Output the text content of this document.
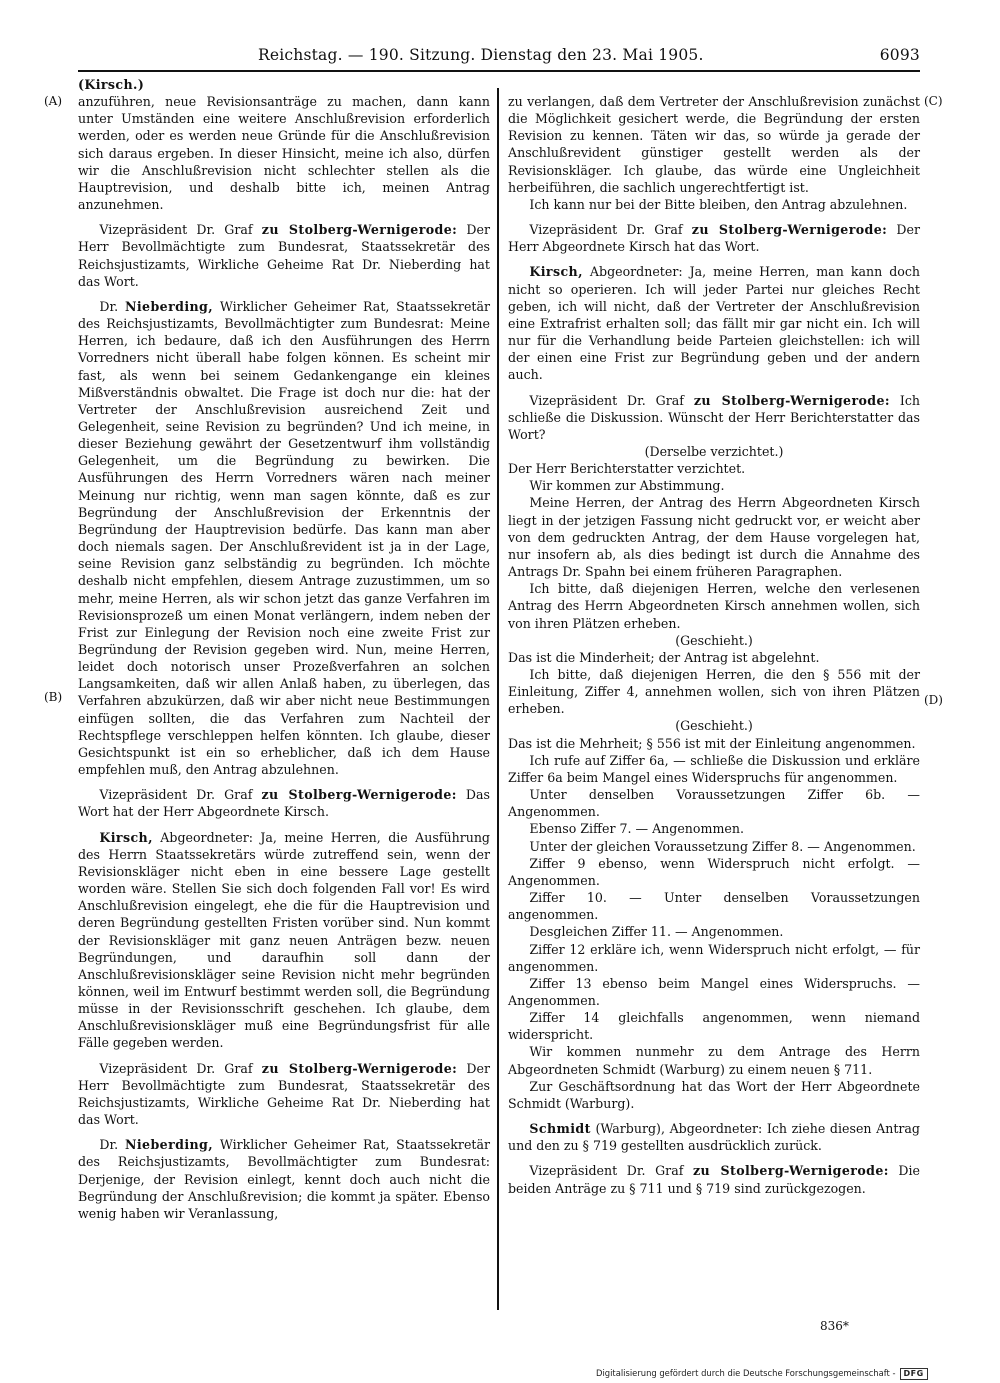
Reichstag. — 190. Sitzung. Dienstag den 23. Mai 1905.	6093
(A)
(B)
(C)
(D)

(Kirsch.)

anzuführen, neue Revisionsanträge zu machen, dann kann unter Umständen eine weitere Anschlußrevision erforderlich werden, oder es werden neue Gründe für die Anschlußrevision sich daraus ergeben. In dieser Hinsicht, meine ich also, dürfen wir die Anschlußrevision nicht schlechter stellen als die Hauptrevision, und deshalb bitte ich, meinen Antrag anzunehmen.

Vizepräsident Dr. Graf zu Stolberg-Wernigerode: Der Herr Bevollmächtigte zum Bundesrat, Staatssekretär des Reichsjustizamts, Wirkliche Geheime Rat Dr. Nieberding hat das Wort.

Dr. Nieberding, Wirklicher Geheimer Rat, Staatssekretär des Reichsjustizamts, Bevollmächtigter zum Bundesrat: Meine Herren, ich bedaure, daß ich den Ausführungen des Herrn Vorredners nicht überall habe folgen können. Es scheint mir fast, als wenn bei seinem Gedankengange ein kleines Mißverständnis obwaltet. Die Frage ist doch nur die: hat der Vertreter der Anschlußrevision ausreichend Zeit und Gelegenheit, seine Revision zu begründen? Und ich meine, in dieser Beziehung gewährt der Gesetzentwurf ihm vollständig Gelegenheit, um die Begründung zu bewirken. Die Ausführungen des Herrn Vorredners wären nach meiner Meinung nur richtig, wenn man sagen könnte, daß es zur Begründung der Anschlußrevision der Erkenntnis der Begründung der Hauptrevision bedürfe. Das kann man aber doch niemals sagen. Der Anschlußrevident ist ja in der Lage, seine Revision ganz selbständig zu begründen. Ich möchte deshalb nicht empfehlen, diesem Antrage zuzustimmen, um so mehr, meine Herren, als wir schon jetzt das ganze Verfahren im Revisionsprozeß um einen Monat verlängern, indem neben der Frist zur Einlegung der Revision noch eine zweite Frist zur Begründung der Revision gegeben wird. Nun, meine Herren, leidet doch notorisch unser Prozeßverfahren an solchen Langsamkeiten, daß wir allen Anlaß haben, zu überlegen, das Verfahren abzukürzen, daß wir aber nicht neue Bestimmungen einfügen sollten, die das Verfahren zum Nachteil der Rechtspflege verschleppen helfen könnten. Ich glaube, dieser Gesichtspunkt ist ein so erheblicher, daß ich dem Hause empfehlen muß, den Antrag abzulehnen.

Vizepräsident Dr. Graf zu Stolberg-Wernigerode: Das Wort hat der Herr Abgeordnete Kirsch.

Kirsch, Abgeordneter: Ja, meine Herren, die Ausführung des Herrn Staatssekretärs würde zutreffend sein, wenn der Revisionskläger nicht eben in eine bessere Lage gestellt worden wäre. Stellen Sie sich doch folgenden Fall vor! Es wird Anschlußrevision eingelegt, ehe die für die Hauptrevision und deren Begründung gestellten Fristen vorüber sind. Nun kommt der Revisionskläger mit ganz neuen Anträgen bezw. neuen Begründungen, und daraufhin soll dann der Anschlußrevisionskläger seine Revision nicht mehr begründen können, weil im Entwurf bestimmt werden soll, die Begründung müsse in der Revisionsschrift geschehen. Ich glaube, dem Anschlußrevisionskläger muß eine Begründungsfrist für alle Fälle gegeben werden.

Vizepräsident Dr. Graf zu Stolberg-Wernigerode: Der Herr Bevollmächtigte zum Bundesrat, Staatssekretär des Reichsjustizamts, Wirkliche Geheime Rat Dr. Nieberding hat das Wort.

Dr. Nieberding, Wirklicher Geheimer Rat, Staatssekretär des Reichsjustizamts, Bevollmächtigter zum Bundesrat: Derjenige, der Revision einlegt, kennt doch auch nicht die Begründung der Anschlußrevision; die kommt ja später. Ebenso wenig haben wir Veranlassung,

zu verlangen, daß dem Vertreter der Anschlußrevision zunächst die Möglichkeit gesichert werde, die Begründung der ersten Revision zu kennen. Täten wir das, so würde ja gerade der Anschlußrevident günstiger gestellt werden als der Revisionskläger. Ich glaube, das würde eine Ungleichheit herbeiführen, die sachlich ungerechtfertigt ist.

Ich kann nur bei der Bitte bleiben, den Antrag abzulehnen.

Vizepräsident Dr. Graf zu Stolberg-Wernigerode: Der Herr Abgeordnete Kirsch hat das Wort.

Kirsch, Abgeordneter: Ja, meine Herren, man kann doch nicht so operieren. Ich will jeder Partei nur gleiches Recht geben, ich will nicht, daß der Vertreter der Anschlußrevision eine Extrafrist erhalten soll; das fällt mir gar nicht ein. Ich will nur für die Verhandlung beide Parteien gleichstellen: ich will der einen eine Frist zur Begründung geben und der andern auch.

Vizepräsident Dr. Graf zu Stolberg-Wernigerode: Ich schließe die Diskussion. Wünscht der Herr Berichterstatter das Wort?

(Derselbe verzichtet.)

Der Herr Berichterstatter verzichtet.

Wir kommen zur Abstimmung.

Meine Herren, der Antrag des Herrn Abgeordneten Kirsch liegt in der jetzigen Fassung nicht gedruckt vor, er weicht aber von dem gedruckten Antrag, der dem Hause vorgelegen hat, nur insofern ab, als dies bedingt ist durch die Annahme des Antrags Dr. Spahn bei einem früheren Paragraphen.

Ich bitte, daß diejenigen Herren, welche den verlesenen Antrag des Herrn Abgeordneten Kirsch annehmen wollen, sich von ihren Plätzen erheben.

(Geschieht.)

Das ist die Minderheit; der Antrag ist abgelehnt.

Ich bitte, daß diejenigen Herren, die den § 556 mit der Einleitung, Ziffer 4, annehmen wollen, sich von ihren Plätzen erheben.

(Geschieht.)

Das ist die Mehrheit; § 556 ist mit der Einleitung angenommen.

Ich rufe auf Ziffer 6a, — schließe die Diskussion und erkläre Ziffer 6a beim Mangel eines Widerspruchs für angenommen.

Unter denselben Voraussetzungen Ziffer 6b. — Angenommen.

Ebenso Ziffer 7. — Angenommen.

Unter der gleichen Voraussetzung Ziffer 8. — Angenommen.

Ziffer 9 ebenso, wenn Widerspruch nicht erfolgt. — Angenommen.

Ziffer 10. — Unter denselben Voraussetzungen angenommen.

Desgleichen Ziffer 11. — Angenommen.

Ziffer 12 erkläre ich, wenn Widerspruch nicht erfolgt, — für angenommen.

Ziffer 13 ebenso beim Mangel eines Widerspruchs. — Angenommen.

Ziffer 14 gleichfalls angenommen, wenn niemand widerspricht.

Wir kommen nunmehr zu dem Antrage des Herrn Abgeordneten Schmidt (Warburg) zu einem neuen § 711.

Zur Geschäftsordnung hat das Wort der Herr Abgeordnete Schmidt (Warburg).

Schmidt (Warburg), Abgeordneter: Ich ziehe diesen Antrag und den zu § 719 gestellten ausdrücklich zurück.

Vizepräsident Dr. Graf zu Stolberg-Wernigerode: Die beiden Anträge zu § 711 und § 719 sind zurückgezogen.

836*
Digitalisierung gefördert durch die Deutsche Forschungsgemeinschaft - DFG
